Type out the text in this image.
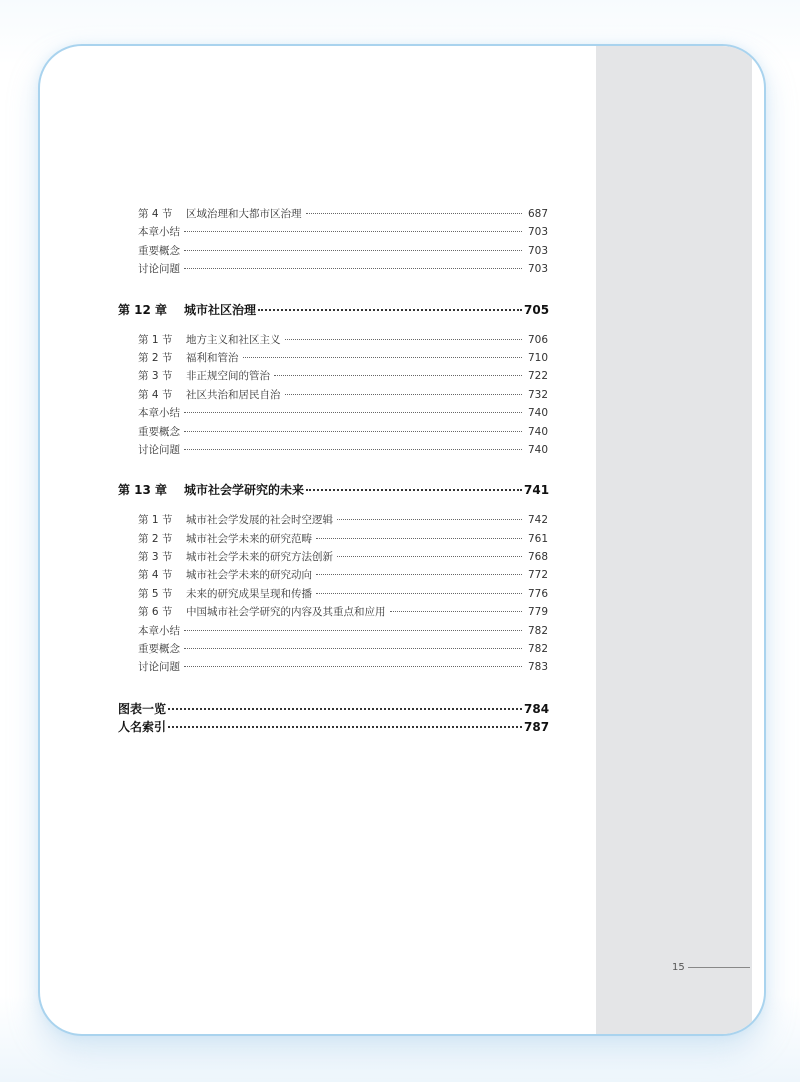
第 4 节	区域治理和大都市区治理	687
本章小结	703
重要概念	703
讨论问题	703
第 12 章	城市社区治理	705
第 1 节	地方主义和社区主义	706
第 2 节	福利和管治	710
第 3 节	非正规空间的管治	722
第 4 节	社区共治和居民自治	732
本章小结	740
重要概念	740
讨论问题	740
第 13 章	城市社会学研究的未来	741
第 1 节	城市社会学发展的社会时空逻辑	742
第 2 节	城市社会学未来的研究范畴	761
第 3 节	城市社会学未来的研究方法创新	768
第 4 节	城市社会学未来的研究动向	772
第 5 节	未来的研究成果呈现和传播	776
第 6 节	中国城市社会学研究的内容及其重点和应用	779
本章小结	782
重要概念	782
讨论问题	783
图表一览	784
人名索引	787
15
